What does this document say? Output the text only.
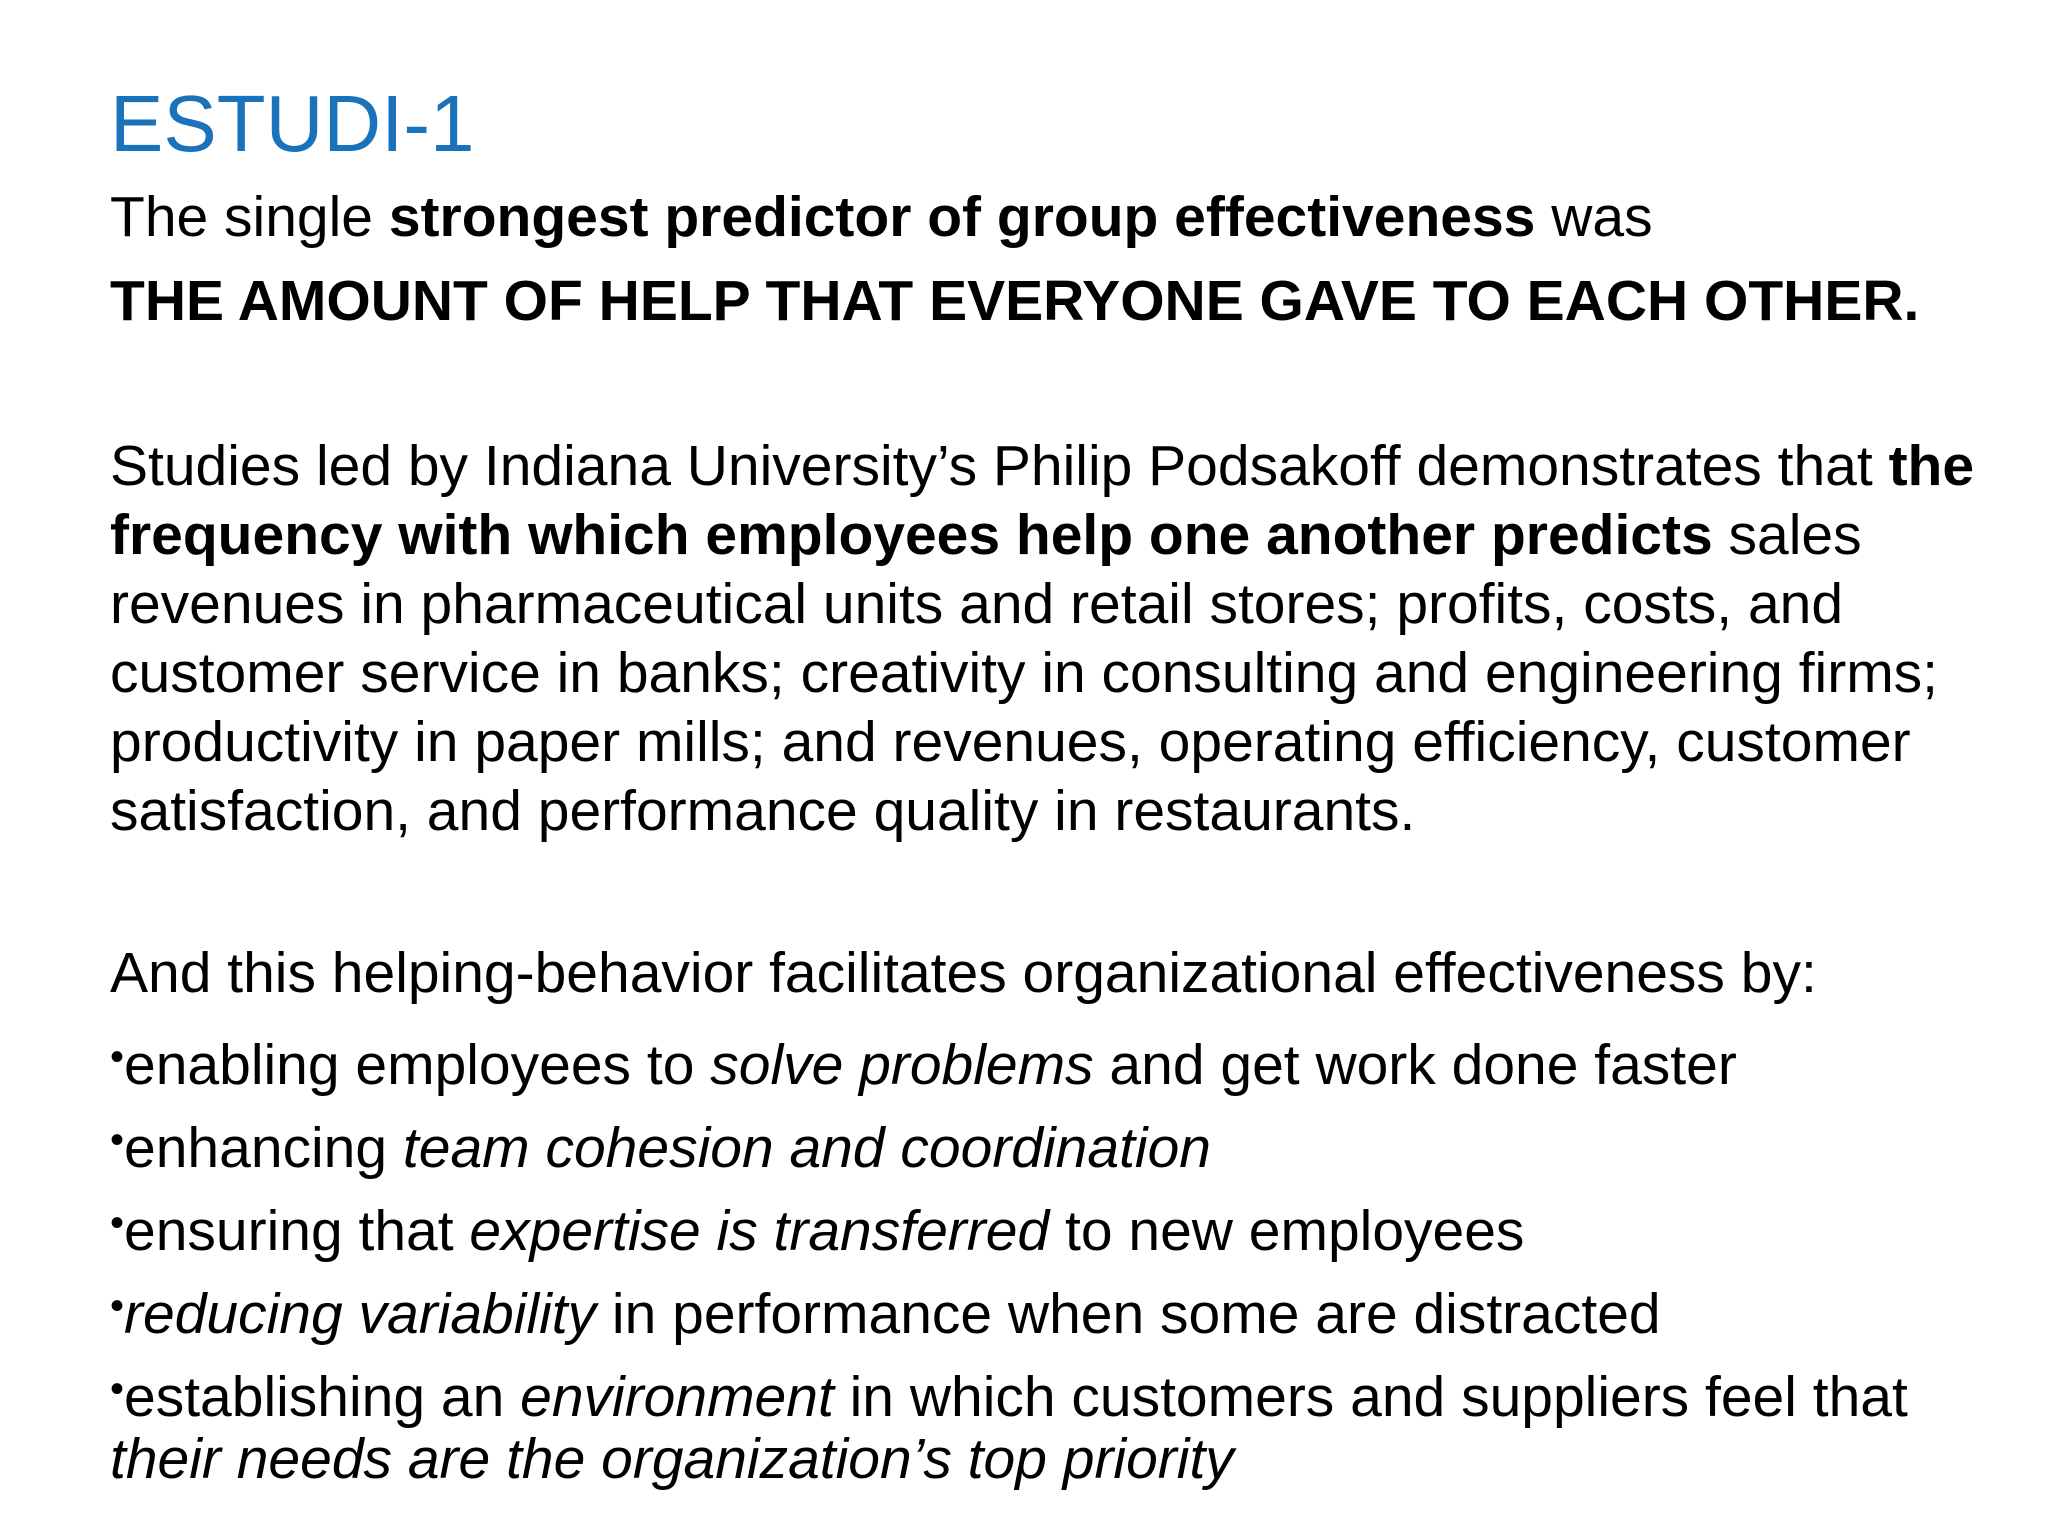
ESTUDI-1
The single strongest predictor of group effectiveness was
THE AMOUNT OF HELP THAT EVERYONE GAVE TO EACH OTHER.

Studies led by Indiana University’s Philip Podsakoff demonstrates that the frequency with which employees help one another predicts sales revenues in pharmaceutical units and retail stores; profits, costs, and customer service in banks; creativity in consulting and engineering firms; productivity in paper mills; and revenues, operating efficiency, customer satisfaction, and performance quality in restaurants.

And this helping-behavior facilitates organizational effectiveness by:
•enabling employees to solve problems and get work done faster
•enhancing team cohesion and coordination
•ensuring that expertise is transferred to new employees
•reducing variability in performance when some are distracted
•establishing an environment in which customers and suppliers feel that
their needs are the organization’s top priority
